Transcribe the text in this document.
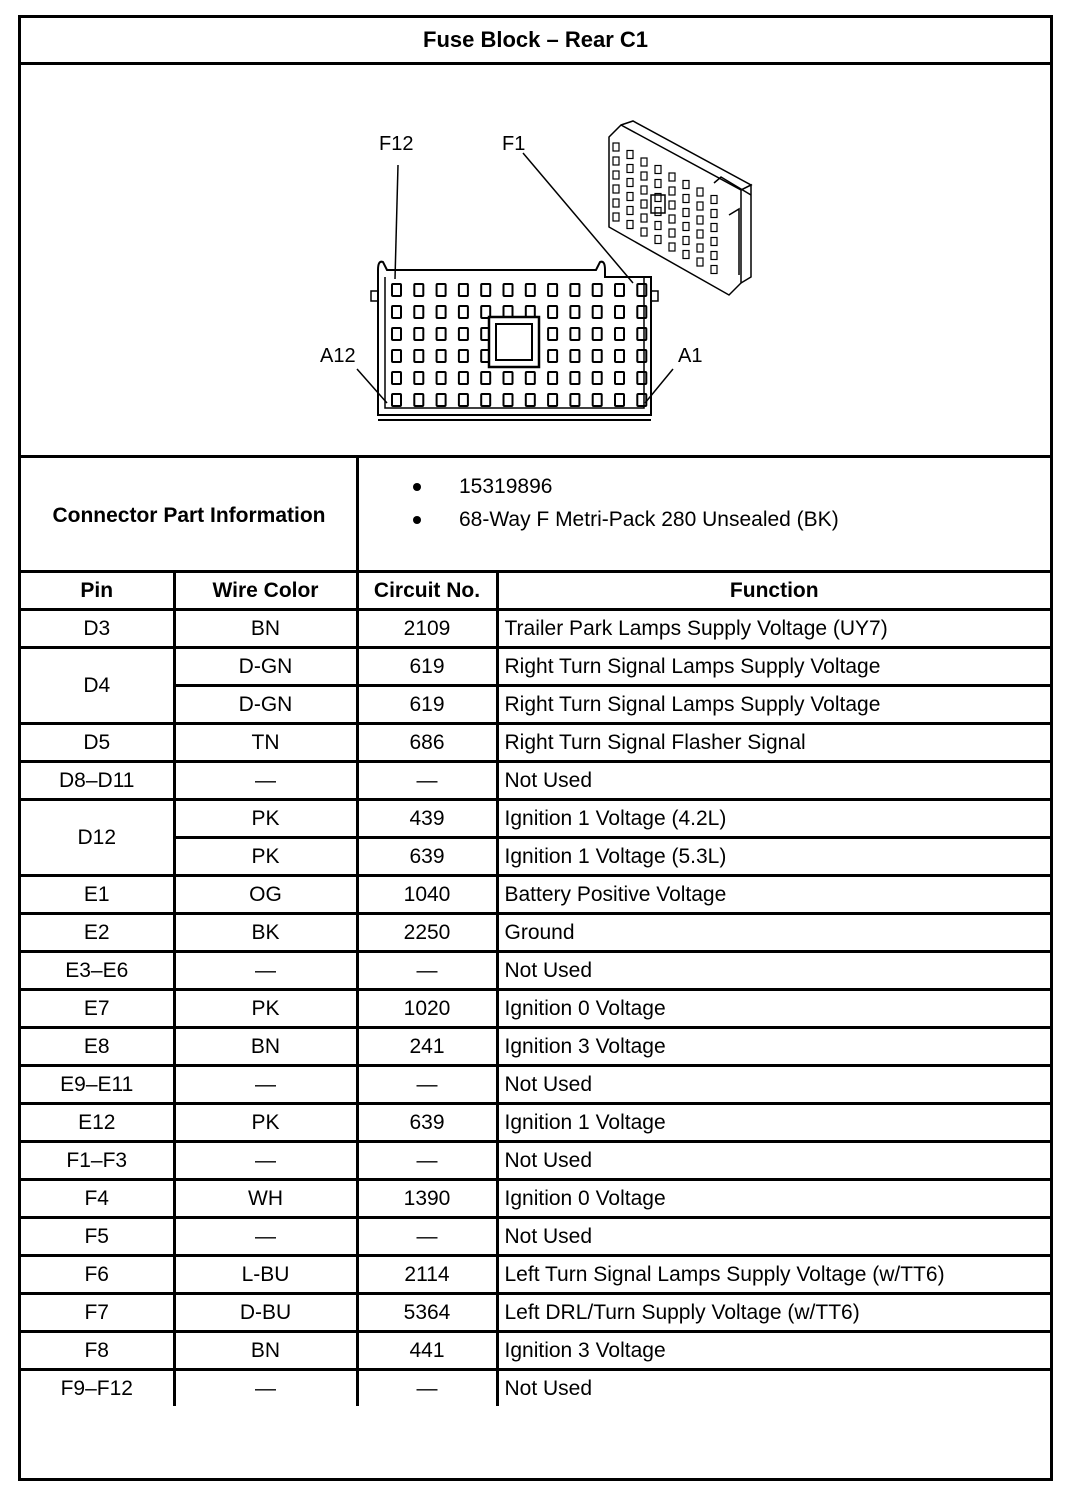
Fuse Block – Rear C1
F12	F1
A12	A1
Connector Part Information
15319896
68-Way F Metri-Pack 280 Unsealed (BK)
Pin	Wire Color	Circuit No.	Function
D3	BN	2109	Trailer Park Lamps Supply Voltage (UY7)
D4	D-GN	619	Right Turn Signal Lamps Supply Voltage
	D-GN	619	Right Turn Signal Lamps Supply Voltage
D5	TN	686	Right Turn Signal Flasher Signal
D8–D11	—	—	Not Used
D12	PK	439	Ignition 1 Voltage (4.2L)
	PK	639	Ignition 1 Voltage (5.3L)
E1	OG	1040	Battery Positive Voltage
E2	BK	2250	Ground
E3–E6	—	—	Not Used
E7	PK	1020	Ignition 0 Voltage
E8	BN	241	Ignition 3 Voltage
E9–E11	—	—	Not Used
E12	PK	639	Ignition 1 Voltage
F1–F3	—	—	Not Used
F4	WH	1390	Ignition 0 Voltage
F5	—	—	Not Used
F6	L-BU	2114	Left Turn Signal Lamps Supply Voltage (w/TT6)
F7	D-BU	5364	Left DRL/Turn Supply Voltage (w/TT6)
F8	BN	441	Ignition 3 Voltage
F9–F12	—	—	Not Used
